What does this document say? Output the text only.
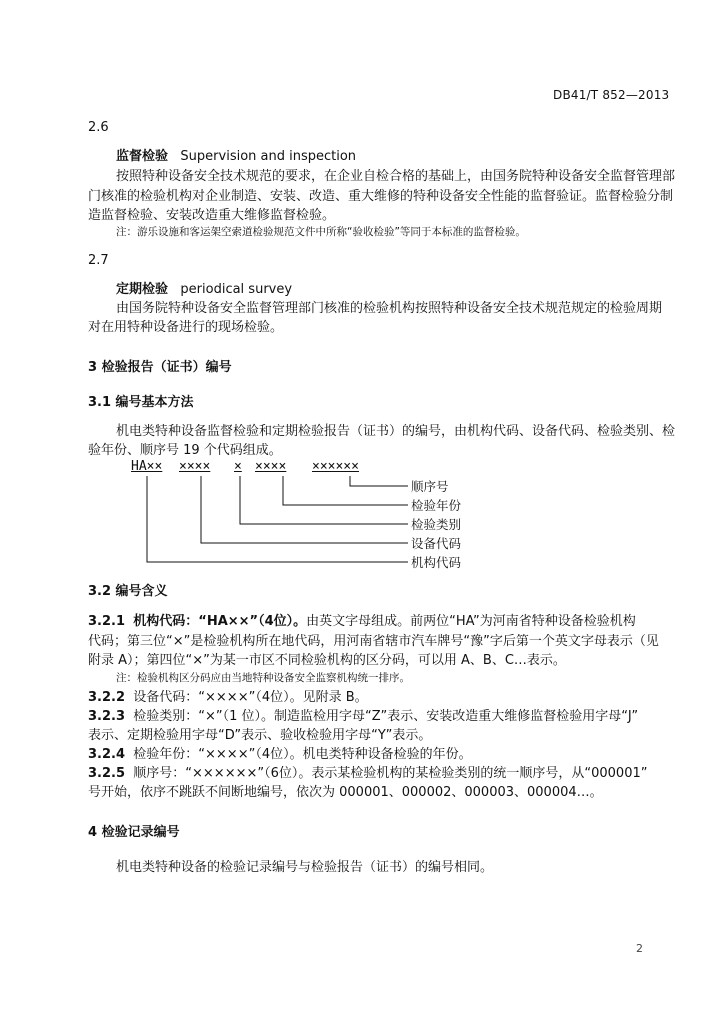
DB41/T 852—2013
2.6
监督检验 Supervision and inspection
按照特种设备安全技术规范的要求，在企业自检合格的基础上，由国务院特种设备安全监督管理部
门核准的检验机构对企业制造、安装、改造、重大维修的特种设备安全性能的监督验证。监督检验分制
造监督检验、安装改造重大维修监督检验。
注：游乐设施和客运架空索道检验规范文件中所称“验收检验”等同于本标准的监督检验。
2.7
定期检验 periodical survey
由国务院特种设备安全监督管理部门核准的检验机构按照特种设备安全技术规范规定的检验周期
对在用特种设备进行的现场检验。
3 检验报告（证书）编号
3.1 编号基本方法
机电类特种设备监督检验和定期检验报告（证书）的编号，由机构代码、设备代码、检验类别、检
验年份、顺序号 19 个代码组成。
HA×× ×××× × ×××× ××××××
顺序号
检验年份
检验类别
设备代码
机构代码
3.2 编号含义
3.2.1 机构代码：“HA××”（4位）。由英文字母组成。前两位“HA”为河南省特种设备检验机构
代码；第三位“×”是检验机构所在地代码，用河南省辖市汽车牌号“豫”字后第一个英文字母表示（见
附录 A）；第四位“×”为某一市区不同检验机构的区分码，可以用 A、B、C…表示。
注：检验机构区分码应由当地特种设备安全监察机构统一排序。
3.2.2 设备代码：“××××”（4位）。见附录 B。
3.2.3 检验类别：“×”（1 位）。制造监检用字母“Z”表示、安装改造重大维修监督检验用字母“J”
表示、定期检验用字母“D”表示、验收检验用字母“Y”表示。
3.2.4 检验年份：“××××”（4位）。机电类特种设备检验的年份。
3.2.5 顺序号：“××××××”（6位）。表示某检验机构的某检验类别的统一顺序号，从“000001”
号开始，依序不跳跃不间断地编号，依次为 000001、000002、000003、000004…。
4 检验记录编号
机电类特种设备的检验记录编号与检验报告（证书）的编号相同。
2
